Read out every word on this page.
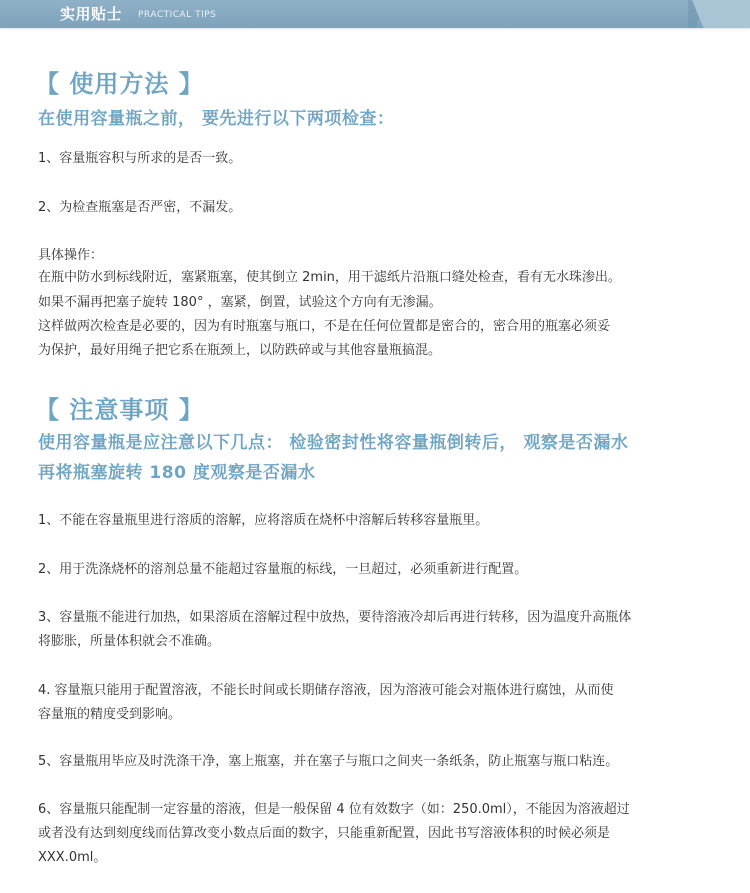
实用贴士 PRACTICAL TIPS
【 使用方法 】
在使用容量瓶之前， 要先进行以下两项检查：
1、容量瓶容积与所求的是否一致。
2、为检查瓶塞是否严密，不漏发。
具体操作：
在瓶中防水到标线附近，塞紧瓶塞，使其倒立 2min，用干滤纸片沿瓶口缝处检查，看有无水珠渗出。
如果不漏再把塞子旋转 180° ，塞紧，倒置，试验这个方向有无渗漏。
这样做两次检查是必要的，因为有时瓶塞与瓶口，不是在任何位置都是密合的，密合用的瓶塞必须妥
为保护，最好用绳子把它系在瓶颈上，以防跌碎或与其他容量瓶搞混。
【 注意事项 】
使用容量瓶是应注意以下几点： 检验密封性将容量瓶倒转后， 观察是否漏水
再将瓶塞旋转 180 度观察是否漏水
1、不能在容量瓶里进行溶质的溶解，应将溶质在烧杯中溶解后转移容量瓶里。
2、用于洗涤烧杯的溶剂总量不能超过容量瓶的标线，一旦超过，必须重新进行配置。
3、容量瓶不能进行加热，如果溶质在溶解过程中放热，要待溶液冷却后再进行转移，因为温度升高瓶体
将膨胀，所量体积就会不准确。
4. 容量瓶只能用于配置溶液，不能长时间或长期储存溶液，因为溶液可能会对瓶体进行腐蚀，从而使
容量瓶的精度受到影响。
5、容量瓶用毕应及时洗涤干净，塞上瓶塞，并在塞子与瓶口之间夹一条纸条，防止瓶塞与瓶口粘连。
6、容量瓶只能配制一定容量的溶液，但是一般保留 4 位有效数字（如：250.0ml），不能因为溶液超过
或者没有达到刻度线而估算改变小数点后面的数字，只能重新配置，因此书写溶液体积的时候必须是
XXX.0ml。
